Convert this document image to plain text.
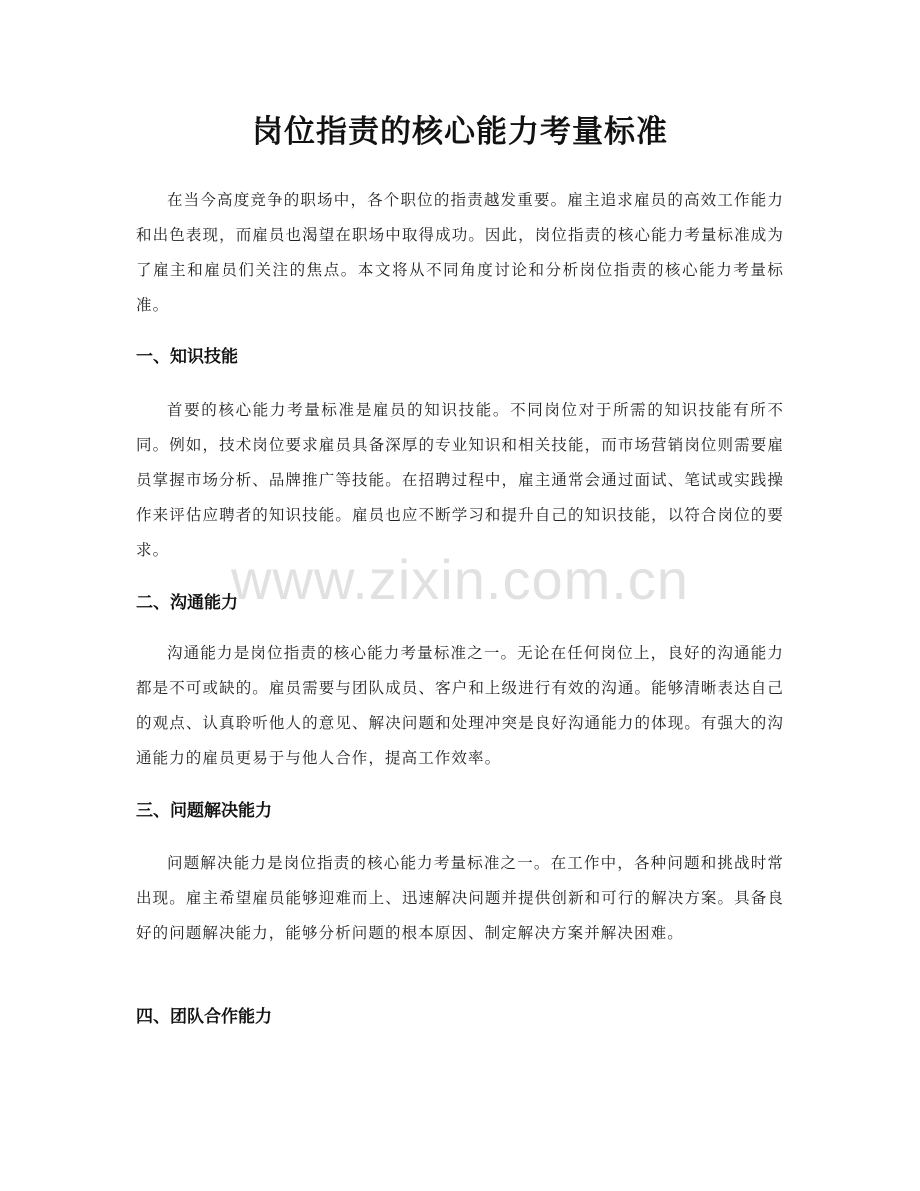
岗位指责的核心能力考量标准
在当今高度竞争的职场中，各个职位的指责越发重要。雇主追求雇员的高效工作能力和出色表现，而雇员也渴望在职场中取得成功。因此，岗位指责的核心能力考量标准成为了雇主和雇员们关注的焦点。本文将从不同角度讨论和分析岗位指责的核心能力考量标准。
一、知识技能
首要的核心能力考量标准是雇员的知识技能。不同岗位对于所需的知识技能有所不同。例如，技术岗位要求雇员具备深厚的专业知识和相关技能，而市场营销岗位则需要雇员掌握市场分析、品牌推广等技能。在招聘过程中，雇主通常会通过面试、笔试或实践操作来评估应聘者的知识技能。雇员也应不断学习和提升自己的知识技能，以符合岗位的要求。
二、沟通能力
沟通能力是岗位指责的核心能力考量标准之一。无论在任何岗位上，良好的沟通能力都是不可或缺的。雇员需要与团队成员、客户和上级进行有效的沟通。能够清晰表达自己的观点、认真聆听他人的意见、解决问题和处理冲突是良好沟通能力的体现。有强大的沟通能力的雇员更易于与他人合作，提高工作效率。
三、问题解决能力
问题解决能力是岗位指责的核心能力考量标准之一。在工作中，各种问题和挑战时常出现。雇主希望雇员能够迎难而上、迅速解决问题并提供创新和可行的解决方案。具备良好的问题解决能力，能够分析问题的根本原因、制定解决方案并解决困难。
四、团队合作能力
www.zixin.com.cn
